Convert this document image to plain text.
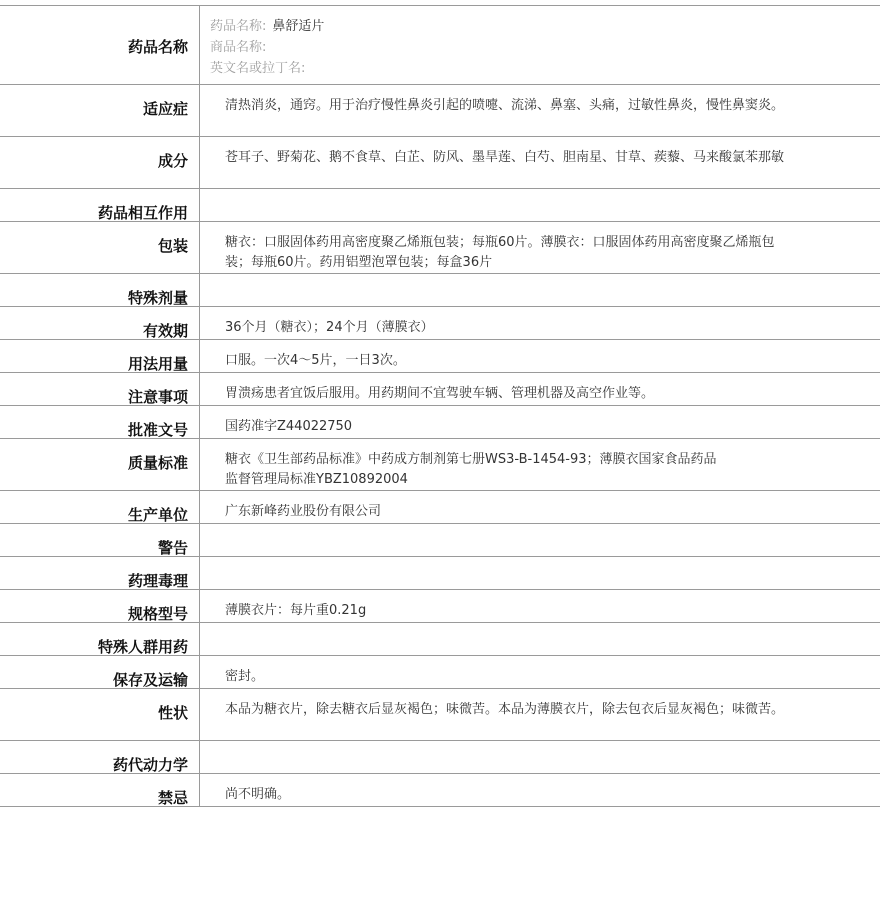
药品名称
药品名称: 鼻舒适片
商品名称:
英文名或拉丁名:
适应症	清热消炎，通窍。用于治疗慢性鼻炎引起的喷嚏、流涕、鼻塞、头痛，过敏性鼻炎，慢性鼻窦炎。
成分	苍耳子、野菊花、鹅不食草、白芷、防风、墨旱莲、白芍、胆南星、甘草、蒺藜、马来酸氯苯那敏
药品相互作用
包装	糖衣：口服固体药用高密度聚乙烯瓶包装；每瓶60片。薄膜衣：口服固体药用高密度聚乙烯瓶包装；每瓶60片。药用铝塑泡罩包装；每盒36片
特殊剂量
有效期	36个月（糖衣）；24个月（薄膜衣）
用法用量	口服。一次4～5片，一日3次。
注意事项	胃溃疡患者宜饭后服用。用药期间不宜驾驶车辆、管理机器及高空作业等。
批准文号	国药准字Z44022750
质量标准	糖衣《卫生部药品标准》中药成方制剂第七册WS3-B-1454-93；薄膜衣国家食品药品监督管理局标准YBZ10892004
生产单位	广东新峰药业股份有限公司
警告
药理毒理
规格型号	薄膜衣片：每片重0.21g
特殊人群用药
保存及运输	密封。
性状	本品为糖衣片，除去糖衣后显灰褐色；味微苦。本品为薄膜衣片，除去包衣后显灰褐色；味微苦。
药代动力学
禁忌	尚不明确。
